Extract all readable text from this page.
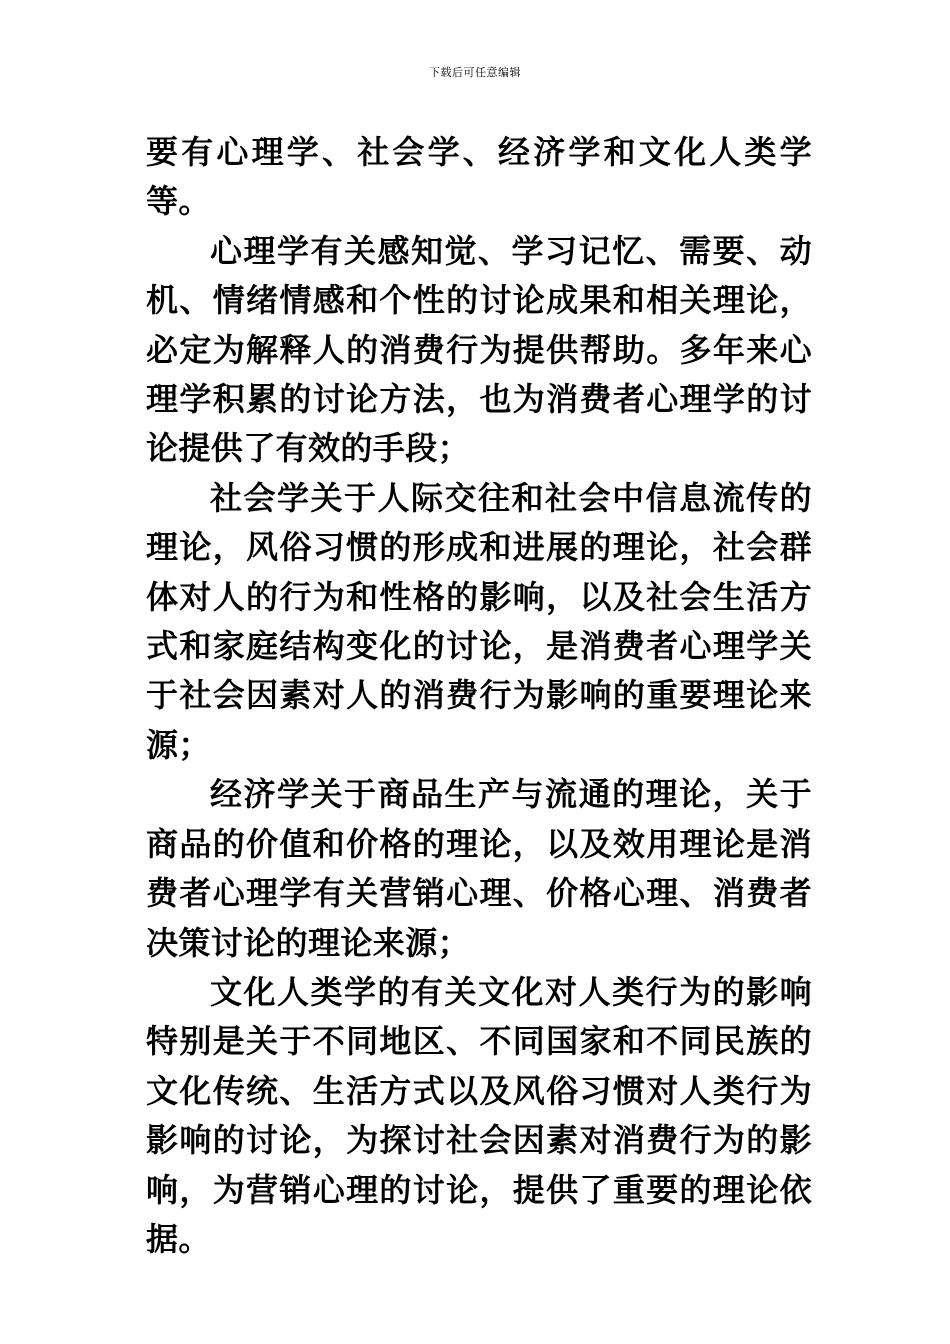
下载后可任意编辑

要有心理学、社会学、经济学和文化人类学等。

心理学有关感知觉、学习记忆、需要、动机、情绪情感和个性的讨论成果和相关理论，必定为解释人的消费行为提供帮助。多年来心理学积累的讨论方法，也为消费者心理学的讨论提供了有效的手段；

社会学关于人际交往和社会中信息流传的理论，风俗习惯的形成和进展的理论，社会群体对人的行为和性格的影响，以及社会生活方式和家庭结构变化的讨论，是消费者心理学关于社会因素对人的消费行为影响的重要理论来源；

经济学关于商品生产与流通的理论，关于商品的价值和价格的理论，以及效用理论是消费者心理学有关营销心理、价格心理、消费者决策讨论的理论来源；

文化人类学的有关文化对人类行为的影响特别是关于不同地区、不同国家和不同民族的文化传统、生活方式以及风俗习惯对人类行为影响的讨论，为探讨社会因素对消费行为的影响，为营销心理的讨论，提供了重要的理论依据。
